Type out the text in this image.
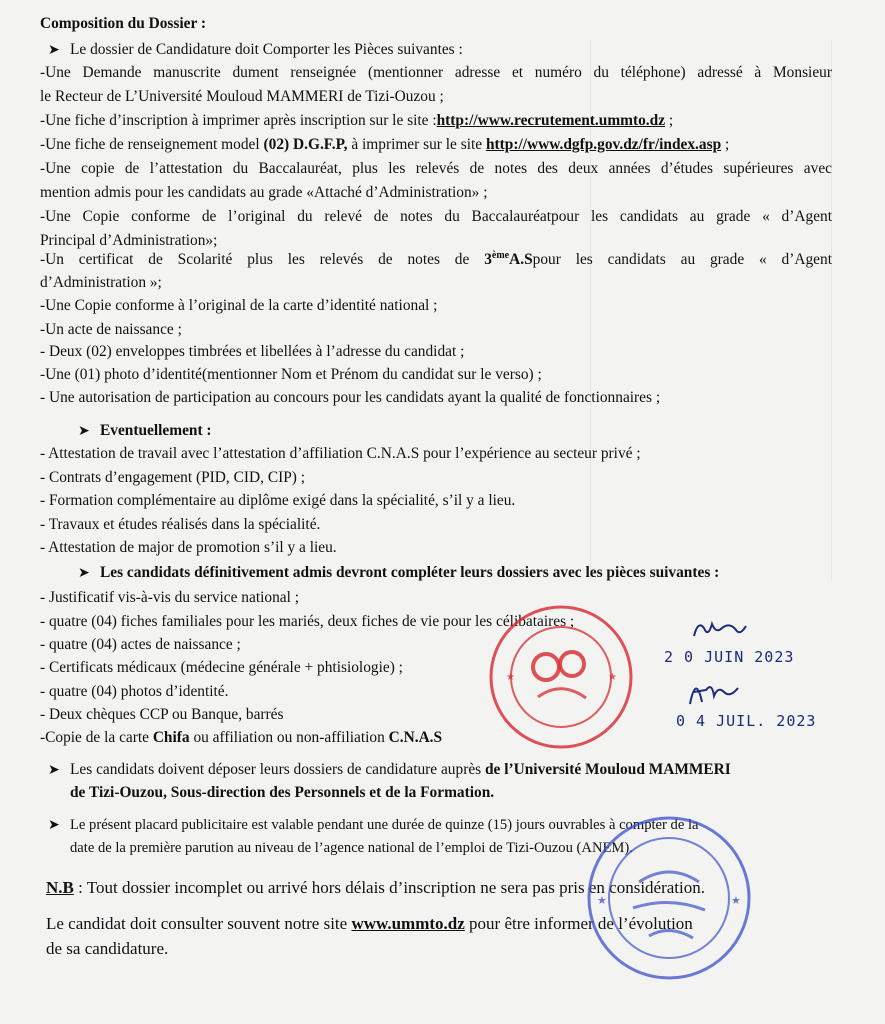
Composition du Dossier :
➤ Le dossier de Candidature doit Comporter les Pièces suivantes :
-Une Demande manuscrite dument renseignée (mentionner adresse et numéro du téléphone) adressé à Monsieur
le Recteur de L’Université Mouloud MAMMERI de Tizi-Ouzou ;
-Une fiche d’inscription à imprimer après inscription sur le site :http://www.recrutement.ummto.dz ;
-Une fiche de renseignement model (02) D.G.F.P, à imprimer sur le site http://www.dgfp.gov.dz/fr/index.asp ;
-Une copie de l’attestation du Baccalauréat, plus les relevés de notes des deux années d’études supérieures avec
mention admis pour les candidats au grade «Attaché d’Administration» ;
-Une Copie conforme de l’original du relevé de notes du Baccalauréatpour les candidats au grade « d’Agent
Principal d’Administration»;
-Un certificat de Scolarité plus les relevés de notes de 3èmeA.Spour les candidats au grade « d’Agent
d’Administration »;
-Une Copie conforme à l’original de la carte d’identité national ;
-Un acte de naissance ;
- Deux (02) enveloppes timbrées et libellées à l’adresse du candidat ;
-Une (01) photo d’identité(mentionner Nom et Prénom du candidat sur le verso) ;
- Une autorisation de participation au concours pour les candidats ayant la qualité de fonctionnaires ;
➤ Eventuellement :
- Attestation de travail avec l’attestation d’affiliation C.N.A.S pour l’expérience au secteur privé ;
- Contrats d’engagement (PID, CID, CIP) ;
- Formation complémentaire au diplôme exigé dans la spécialité, s’il y a lieu.
- Travaux et études réalisés dans la spécialité.
- Attestation de major de promotion s’il y a lieu.
➤ Les candidats définitivement admis devront compléter leurs dossiers avec les pièces suivantes :
- Justificatif vis-à-vis du service national ;
- quatre (04) fiches familiales pour les mariés, deux fiches de vie pour les célibataires ;
- quatre (04) actes de naissance ;
- Certificats médicaux (médecine générale + phtisiologie) ;
- quatre (04) photos d’identité.
- Deux chèques CCP ou Banque, barrés
-Copie de la carte Chifa ou affiliation ou non-affiliation C.N.A.S
➤ Les candidats doivent déposer leurs dossiers de candidature auprès de l’Université Mouloud MAMMERI
de Tizi-Ouzou, Sous-direction des Personnels et de la Formation.
➤ Le présent placard publicitaire est valable pendant une durée de quinze (15) jours ouvrables à compter de la
date de la première parution au niveau de l’agence national de l’emploi de Tizi-Ouzou (ANEM).
N.B : Tout dossier incomplet ou arrivé hors délais d’inscription ne sera pas pris en considération.
Le candidat doit consulter souvent notre site www.ummto.dz pour être informer de l’évolution
de sa candidature.
★	★
2 0 JUIN 2023
0 4 JUIL. 2023
★	★
